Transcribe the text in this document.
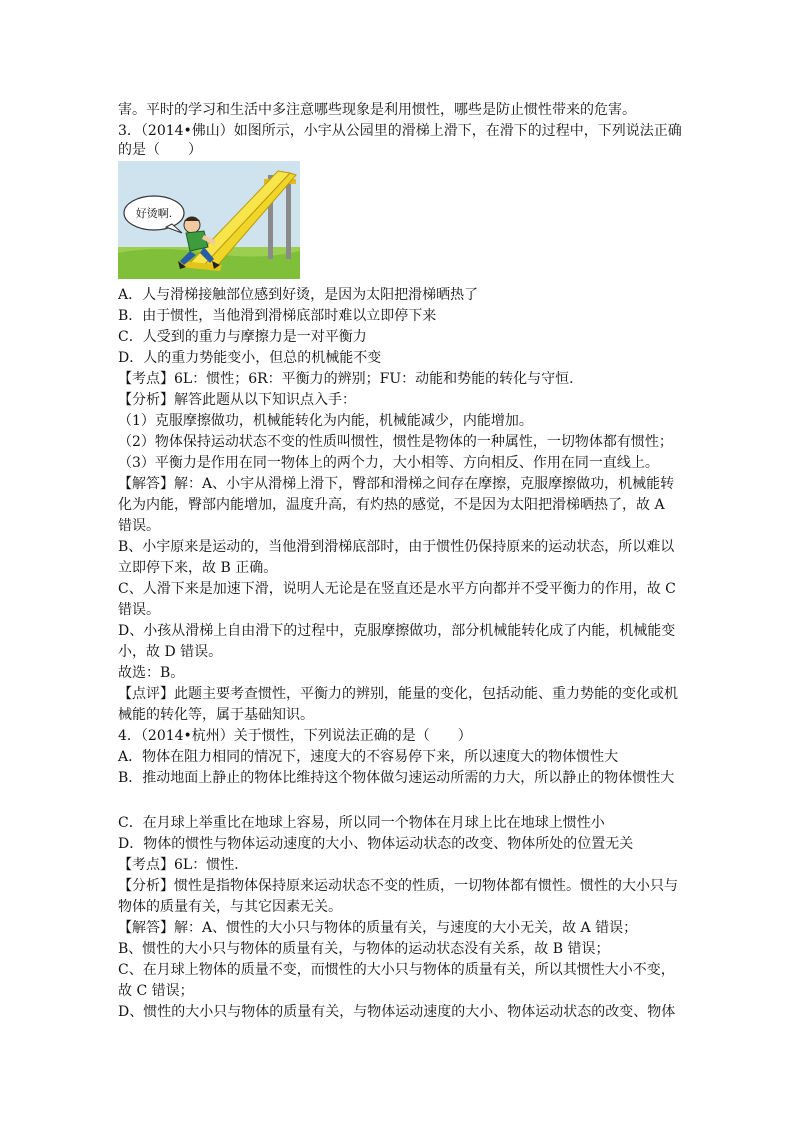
害。平时的学习和生活中多注意哪些现象是利用惯性，哪些是防止惯性带来的危害。
3．（2014•佛山）如图所示，小宇从公园里的滑梯上滑下，在滑下的过程中，下列说法正确
的是（　　）
好烫啊.
A．人与滑梯接触部位感到好烫，是因为太阳把滑梯晒热了
B．由于惯性，当他滑到滑梯底部时难以立即停下来
C．人受到的重力与摩擦力是一对平衡力
D．人的重力势能变小，但总的机械能不变
【考点】6L：惯性；6R：平衡力的辨别；FU：动能和势能的转化与守恒．
【分析】解答此题从以下知识点入手：
（1）克服摩擦做功，机械能转化为内能，机械能减少，内能增加。
（2）物体保持运动状态不变的性质叫惯性，惯性是物体的一种属性，一切物体都有惯性；
（3）平衡力是作用在同一物体上的两个力，大小相等、方向相反、作用在同一直线上。
【解答】解：A、小宇从滑梯上滑下，臀部和滑梯之间存在摩擦，克服摩擦做功，机械能转
化为内能，臀部内能增加，温度升高，有灼热的感觉，不是因为太阳把滑梯晒热了，故 A
错误。
B、小宇原来是运动的，当他滑到滑梯底部时，由于惯性仍保持原来的运动状态，所以难以
立即停下来，故 B 正确。
C、人滑下来是加速下滑，说明人无论是在竖直还是水平方向都并不受平衡力的作用，故 C
错误。
D、小孩从滑梯上自由滑下的过程中，克服摩擦做功，部分机械能转化成了内能，机械能变
小，故 D 错误。
故选：B。
【点评】此题主要考查惯性，平衡力的辨别，能量的变化，包括动能、重力势能的变化或机
械能的转化等，属于基础知识。
4．（2014•杭州）关于惯性，下列说法正确的是（　　）
A．物体在阻力相同的情况下，速度大的不容易停下来，所以速度大的物体惯性大
B．推动地面上静止的物体比维持这个物体做匀速运动所需的力大，所以静止的物体惯性大
C．在月球上举重比在地球上容易，所以同一个物体在月球上比在地球上惯性小
D．物体的惯性与物体运动速度的大小、物体运动状态的改变、物体所处的位置无关
【考点】6L：惯性．
【分析】惯性是指物体保持原来运动状态不变的性质，一切物体都有惯性。惯性的大小只与
物体的质量有关，与其它因素无关。
【解答】解：A、惯性的大小只与物体的质量有关，与速度的大小无关，故 A 错误；
B、惯性的大小只与物体的质量有关，与物体的运动状态没有关系，故 B 错误；
C、在月球上物体的质量不变，而惯性的大小只与物体的质量有关，所以其惯性大小不变，
故 C 错误；
D、惯性的大小只与物体的质量有关，与物体运动速度的大小、物体运动状态的改变、物体
